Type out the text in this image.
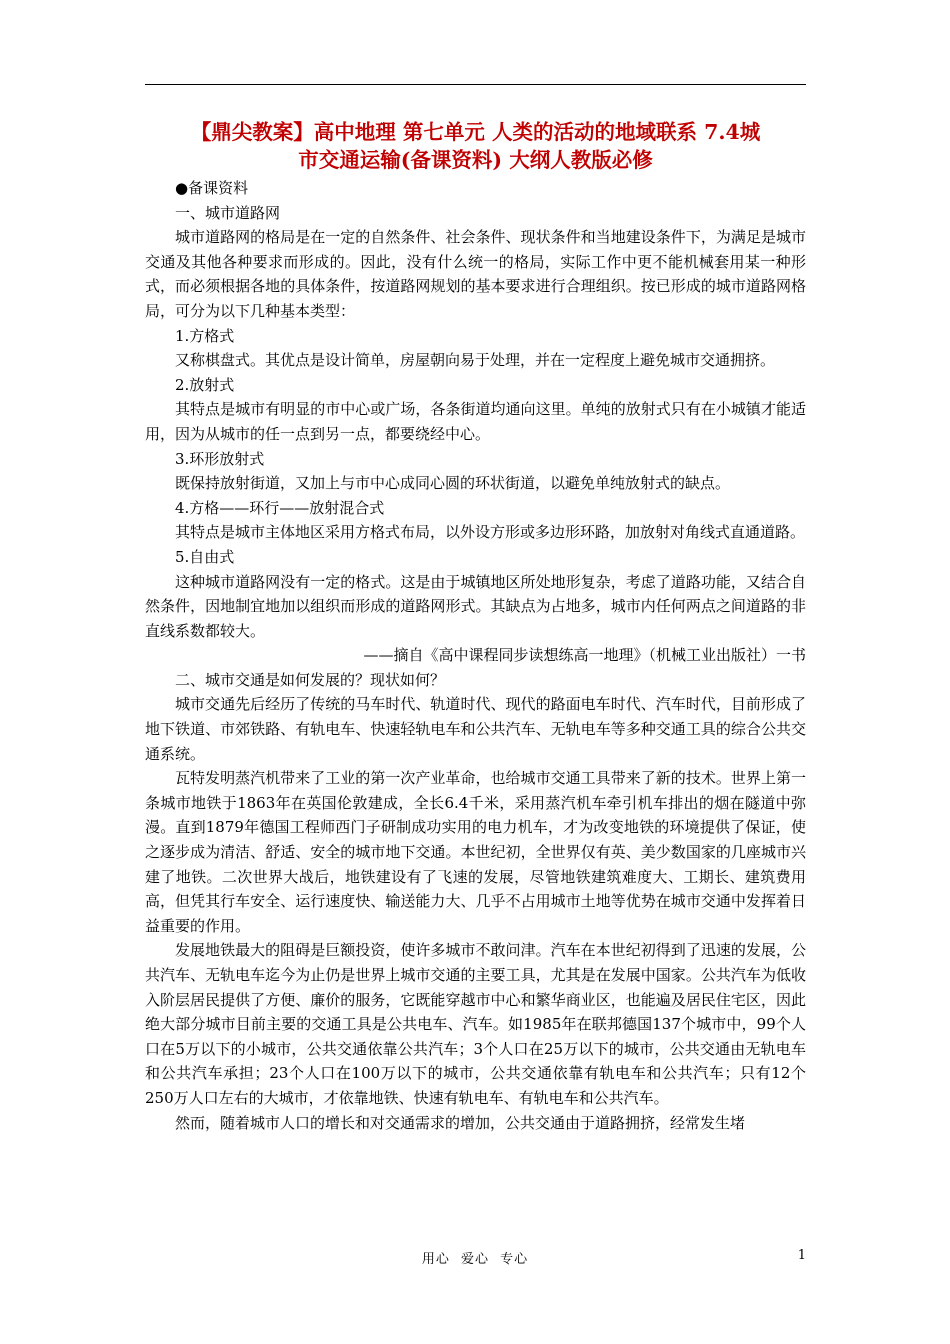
【鼎尖教案】高中地理 第七单元 人类的活动的地域联系 7.4城
市交通运输(备课资料) 大纲人教版必修

●备课资料

一、城市道路网

城市道路网的格局是在一定的自然条件、社会条件、现状条件和当地建设条件下，为满足是城市交通及其他各种要求而形成的。因此，没有什么统一的格局，实际工作中更不能机械套用某一种形式，而必须根据各地的具体条件，按道路网规划的基本要求进行合理组织。按已形成的城市道路网格局，可分为以下几种基本类型：

1.方格式

又称棋盘式。其优点是设计简单，房屋朝向易于处理，并在一定程度上避免城市交通拥挤。

2.放射式

其特点是城市有明显的市中心或广场，各条街道均通向这里。单纯的放射式只有在小城镇才能适用，因为从城市的任一点到另一点，都要绕经中心。

3.环形放射式

既保持放射街道，又加上与市中心成同心圆的环状街道，以避免单纯放射式的缺点。

4.方格——环行——放射混合式

其特点是城市主体地区采用方格式布局，以外设方形或多边形环路，加放射对角线式直通道路。

5.自由式

这种城市道路网没有一定的格式。这是由于城镇地区所处地形复杂，考虑了道路功能，又结合自然条件，因地制宜地加以组织而形成的道路网形式。其缺点为占地多，城市内任何两点之间道路的非直线系数都较大。

——摘自《高中课程同步读想练高一地理》（机械工业出版社）一书

二、城市交通是如何发展的？现状如何？

城市交通先后经历了传统的马车时代、轨道时代、现代的路面电车时代、汽车时代，目前形成了地下铁道、市郊铁路、有轨电车、快速轻轨电车和公共汽车、无轨电车等多种交通工具的综合公共交通系统。

瓦特发明蒸汽机带来了工业的第一次产业革命，也给城市交通工具带来了新的技术。世界上第一条城市地铁于1863年在英国伦敦建成，全长6.4千米，采用蒸汽机车牵引机车排出的烟在隧道中弥漫。直到1879年德国工程师西门子研制成功实用的电力机车，才为改变地铁的环境提供了保证，使之逐步成为清洁、舒适、安全的城市地下交通。本世纪初，全世界仅有英、美少数国家的几座城市兴建了地铁。二次世界大战后，地铁建设有了飞速的发展，尽管地铁建筑难度大、工期长、建筑费用高，但凭其行车安全、运行速度快、输送能力大、几乎不占用城市土地等优势在城市交通中发挥着日益重要的作用。

发展地铁最大的阻碍是巨额投资，使许多城市不敢问津。汽车在本世纪初得到了迅速的发展，公共汽车、无轨电车迄今为止仍是世界上城市交通的主要工具，尤其是在发展中国家。公共汽车为低收入阶层居民提供了方便、廉价的服务，它既能穿越市中心和繁华商业区，也能遍及居民住宅区，因此绝大部分城市目前主要的交通工具是公共电车、汽车。如1985年在联邦德国137个城市中，99个人口在5万以下的小城市，公共交通依靠公共汽车；3个人口在25万以下的城市，公共交通由无轨电车和公共汽车承担；23个人口在100万以下的城市，公共交通依靠有轨电车和公共汽车；只有12个250万人口左右的大城市，才依靠地铁、快速有轨电车、有轨电车和公共汽车。

然而，随着城市人口的增长和对交通需求的增加，公共交通由于道路拥挤，经常发生堵

用心 爱心 专心	1
